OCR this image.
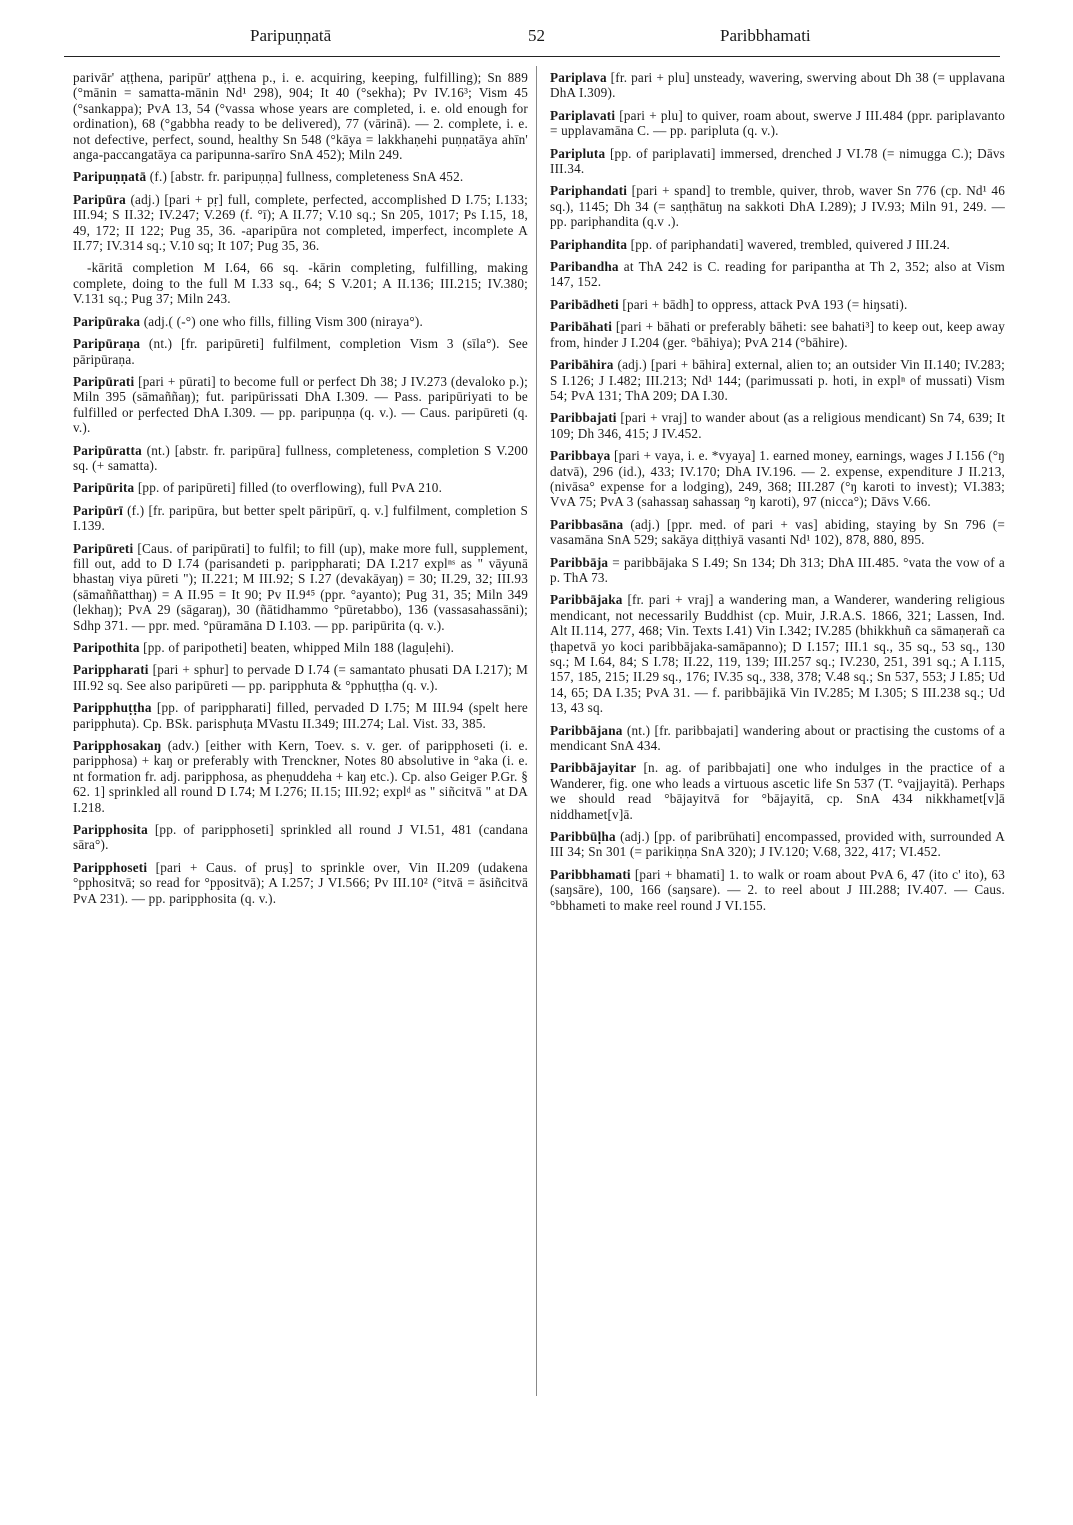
Paripuṇṇatā	52	Paribbhamati

parivār' aṭṭhena, paripūr' aṭṭhena p., i. e. acquiring, keeping, fulfilling); Sn 889 (°mānin = samatta-mānin Nd¹ 298), 904; It 40 (°sekha); Pv IV.16³; Vism 45 (°sankappa); PvA 13, 54 (°vassa whose years are completed, i. e. old enough for ordination), 68 (°gabbha ready to be delivered), 77 (vārinā). — 2. complete, i. e. not defective, perfect, sound, healthy Sn 548 (°kāya = lakkhaṇehi puṇṇatāya ahīn' anga-paccangatāya ca paripunna-sarīro SnA 452); Miln 249.

Paripuṇṇatā (f.) [abstr. fr. paripuṇṇa] fullness, completeness SnA 452.

Paripūra (adj.) [pari + pṛ] full, complete, perfected, accomplished D I.75; I.133; III.94; S II.32; IV.247; V.269 (f. °ī); A II.77; V.10 sq.; Sn 205, 1017; Ps I.15, 18, 49, 172; II 122; Pug 35, 36. -aparipūra not completed, imperfect, incomplete A II.77; IV.314 sq.; V.10 sq; It 107; Pug 35, 36.

-kāritā completion M I.64, 66 sq. -kārin completing, fulfilling, making complete, doing to the full M I.33 sq., 64; S V.201; A II.136; III.215; IV.380; V.131 sq.; Pug 37; Miln 243.

Paripūraka (adj.( (-°) one who fills, filling Vism 300 (niraya°).

Paripūraṇa (nt.) [fr. paripūreti] fulfilment, completion Vism 3 (sīla°). See pāripūraṇa.

Paripūrati [pari + pūrati] to become full or perfect Dh 38; J IV.273 (devaloko p.); Miln 395 (sāmaññaŋ); fut. paripūrissati DhA I.309. — Pass. paripūriyati to be fulfilled or perfected DhA I.309. — pp. paripuṇṇa (q. v.). — Caus. paripūreti (q. v.).

Paripūratta (nt.) [abstr. fr. paripūra] fullness, completeness, completion S V.200 sq. (+ samatta).

Paripūrita [pp. of paripūreti] filled (to overflowing), full PvA 210.

Paripūrī (f.) [fr. paripūra, but better spelt pāripūrī, q. v.] fulfilment, completion S I.139.

Paripūreti [Caus. of paripūrati] to fulfil; to fill (up), make more full, supplement, fill out, add to D I.74 (parisandeti p. parippharati; DA I.217 explⁿˢ as " vāyunā bhastaŋ viya pūreti "); II.221; M III.92; S I.27 (devakāyaŋ) = 30; II.29, 32; III.93 (sāmaññatthaŋ) = A II.95 = It 90; Pv II.9⁴⁵ (ppr. °ayanto); Pug 31, 35; Miln 349 (lekhaŋ); PvA 29 (sāgaraŋ), 30 (ñātidhammo °pūretabbo), 136 (vassasahassāni); Sdhp 371. — ppr. med. °pūramāna D I.103. — pp. paripūrita (q. v.).

Paripothita [pp. of paripotheti] beaten, whipped Miln 188 (laguḷehi).

Parippharati [pari + sphur] to pervade D I.74 (= samantato phusati DA I.217); M III.92 sq. See also paripūreti — pp. paripphuta & °pphuṭṭha (q. v.).

Paripphuṭṭha [pp. of parippharati] filled, pervaded D I.75; M III.94 (spelt here paripphuta). Cp. BSk. parisphuṭa MVastu II.349; III.274; Lal. Vist. 33, 385.

Paripphosakaŋ (adv.) [either with Kern, Toev. s. v. ger. of paripphoseti (i. e. paripphosa) + kaŋ or preferably with Trenckner, Notes 80 absolutive in °aka (i. e. nt formation fr. adj. paripphosa, as pheṇuddeha + kaŋ etc.). Cp. also Geiger P.Gr. § 62. 1] sprinkled all round D I.74; M I.276; II.15; III.92; explᵈ as " siñcitvā " at DA I.218.

Paripphosita [pp. of paripphoseti] sprinkled all round J VI.51, 481 (candana sāra°).

Paripphoseti [pari + Caus. of pruṣ] to sprinkle over, Vin II.209 (udakena °pphositvā; so read for °ppositvā); A I.257; J VI.566; Pv III.10² (°itvā = āsiñcitvā PvA 231). — pp. paripphosita (q. v.).

Pariplava [fr. pari + plu] unsteady, wavering, swerving about Dh 38 (= upplavana DhA I.309).

Pariplavati [pari + plu] to quiver, roam about, swerve J III.484 (ppr. pariplavanto = upplavamāna C. — pp. paripluta (q. v.).

Paripluta [pp. of pariplavati] immersed, drenched J VI.78 (= nimugga C.); Dāvs III.34.

Pariphandati [pari + spand] to tremble, quiver, throb, waver Sn 776 (cp. Nd¹ 46 sq.), 1145; Dh 34 (= saṇṭhātuŋ na sakkoti DhA I.289); J IV.93; Miln 91, 249. — pp. pariphandita (q.v .).

Pariphandita [pp. of pariphandati] wavered, trembled, quivered J III.24.

Paribandha at ThA 242 is C. reading for paripantha at Th 2, 352; also at Vism 147, 152.

Paribādheti [pari + bādh] to oppress, attack PvA 193 (= hiŋsati).

Paribāhati [pari + bāhati or preferably bāheti: see bahati³] to keep out, keep away from, hinder J I.204 (ger. °bāhiya); PvA 214 (°bāhire).

Paribāhira (adj.) [pari + bāhira] external, alien to; an outsider Vin II.140; IV.283; S I.126; J I.482; III.213; Nd¹ 144; (parimussati p. hoti, in explⁿ of mussati) Vism 54; PvA 131; ThA 209; DA I.30.

Paribbajati [pari + vraj] to wander about (as a religious mendicant) Sn 74, 639; It 109; Dh 346, 415; J IV.452.

Paribbaya [pari + vaya, i. e. *vyaya] 1. earned money, earnings, wages J I.156 (°ŋ datvā), 296 (id.), 433; IV.170; DhA IV.196. — 2. expense, expenditure J II.213, (nivāsa° expense for a lodging), 249, 368; III.287 (°ŋ karoti to invest); VI.383; VvA 75; PvA 3 (sahassaŋ sahassaŋ °ŋ karoti), 97 (nicca°); Dāvs V.66.

Paribbasāna (adj.) [ppr. med. of pari + vas] abiding, staying by Sn 796 (= vasamāna SnA 529; sakāya diṭṭhiyā vasanti Nd¹ 102), 878, 880, 895.

Paribbāja = paribbājaka S I.49; Sn 134; Dh 313; DhA III.485. °vata the vow of a p. ThA 73.

Paribbājaka [fr. pari + vraj] a wandering man, a Wanderer, wandering religious mendicant, not necessarily Buddhist (cp. Muir, J.R.A.S. 1866, 321; Lassen, Ind. Alt II.114, 277, 468; Vin. Texts I.41) Vin I.342; IV.285 (bhikkhuñ ca sāmaṇerañ ca ṭhapetvā yo koci paribbājaka-samāpanno); D I.157; III.1 sq., 35 sq., 53 sq., 130 sq.; M I.64, 84; S I.78; II.22, 119, 139; III.257 sq.; IV.230, 251, 391 sq.; A I.115, 157, 185, 215; II.29 sq., 176; IV.35 sq., 338, 378; V.48 sq.; Sn 537, 553; J I.85; Ud 14, 65; DA I.35; PvA 31. — f. paribbājikā Vin IV.285; M I.305; S III.238 sq.; Ud 13, 43 sq.

Paribbājana (nt.) [fr. paribbajati] wandering about or practising the customs of a mendicant SnA 434.

Paribbājayitar [n. ag. of paribbajati] one who indulges in the practice of a Wanderer, fig. one who leads a virtuous ascetic life Sn 537 (T. °vajjayitā). Perhaps we should read °bājayitvā for °bājayitā, cp. SnA 434 nikkhamet[v]ā niddhamet[v]ā.

Paribbūḷha (adj.) [pp. of paribrūhati] encompassed, provided with, surrounded A III 34; Sn 301 (= parikiṇṇa SnA 320); J IV.120; V.68, 322, 417; VI.452.

Paribbhamati [pari + bhamati] 1. to walk or roam about PvA 6, 47 (ito c' ito), 63 (saŋsāre), 100, 166 (saŋsare). — 2. to reel about J III.288; IV.407. — Caus. °bbhameti to make reel round J VI.155.
